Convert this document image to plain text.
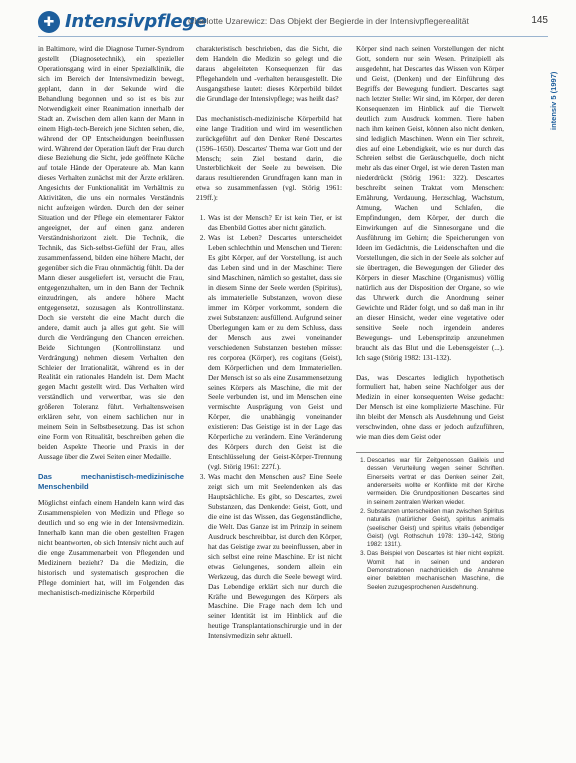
✚ Intensivpflege
Charlotte Uzarewicz: Das Objekt der Begierde in der Intensivpflegerealität	145
intensiv 5 (1997)

in Baltimore, wird die Diagnose Turner-Syndrom gestellt (Diagnosetechnik), ein spezieller Operationsgang wird in einer Spezialklinik, die sich im Bereich der Intensivmedizin bewegt, geplant, dann in der Sekunde wird die Behandlung begonnen und so ist es bis zur Notwendigkeit einer Reanimation innerhalb der Stadt an. Zwischen dem allen kann der Mann in einem High-tech-Bereich jene Sichten sehen, die, während der OP Entscheidungen beeinflussen wird. Während der Operation läuft der Frau durch diese Beziehung die Sicht, jede geöffnete Küche auf totale Hände der Operateure ab. Man kann dieses Verhalten zunächst mit der Ärzte erklären. Angesichts der Funktionalität im Verhältnis zu Aktivitäten, die uns ein normales Verständnis nicht aufzeigen würden. Durch den der seiner Situation und der Pflege ein elementarer Faktor angeeignet, der auf einen ganz anderen Verständnishorizont zielt. Die Technik, die Technik, das Sich-selbst-Gefühl der Frau, alles zusammenfassend, bilden eine höhere Macht, der gegenüber sich die Frau ohnmächtig fühlt. Da der Mann dieser ausgeliefert ist, versucht die Frau, entgegenzuhalten, um in den Bann der Technik einzudringen, als andere höhere Macht entgegensetzt, sozusagen als Kontrollinstanz. Doch sie versteht die eine Macht durch die andere, damit auch ja alles gut geht. Sie will durch die Verdrängung den Chancen erreichen. Beide Sichtungen (Kontrollinstanz und Verdrängung) nehmen diesem Verhalten den Schleier der Irrationalität, während es in der Realität ein rationales Handeln ist. Dem Macht gegen Macht gestellt wird. Das Verhalten wird verständlich und verwertbar, was sie den größeren Toleranz führt. Verhaltensweisen erklären sehr, von einem sachlichen nur in meinem Sein in Selbstbesetzung. Das ist schon eine Form von Ritualität, beschreiben gehen die beiden Aspekte Theorie und Praxis in der Aussage über die Zwei Seiten einer Medaille.

Das mechanistisch-medizinische Menschenbild

Möglichst einfach einem Handeln kann wird das Zusammenspielen von Medizin und Pflege so deutlich und so eng wie in der Intensivmedizin. Innerhalb kann man die oben gestellten Fragen nicht beantworten, ob sich Intensiv nicht auch auf die enge Zusammenarbeit von Pflegenden und Medizinern bezieht? Da die Medizin, die historisch und systematisch gesprochen die Pflege dominiert hat, will im Folgenden das mechanistisch-medizinische Körperbild

charakteristisch beschrieben, das die Sicht, die dem Handeln die Medizin so gelegt und die daraus abgeleiteten Konsequenzen für das Pflegehandeln und -verhalten herausgestellt. Die Ausgangsthese lautet: dieses Körperbild bildet die Grundlage der Intensivpflege; was heißt das?

Das mechanistisch-medizinische Körperbild hat eine lange Tradition und wird im wesentlichen zurückgeführt auf den Denker René Descartes (1596–1650). Descartes' Thema war Gott und der Mensch; sein Ziel bestand darin, die Unsterblichkeit der Seele zu beweisen. Die daraus resultierenden Grundfragen kann man in etwa so zusammenfassen (vgl. Störig 1961: 219ff.):

1. Was ist der Mensch? Er ist kein Tier, er ist das Ebenbild Gottes aber nicht gänzlich.
2. Was ist Leben? Descartes unterscheidet Leben schlechthin und Menschen und Tieren: Es gibt Körper, auf der Vorstellung, ist auch das Leben sind und in der Maschine: Tiere sind Maschinen, nämlich so gestaltet, dass sie in diesem Sinne der Seele werden (Spiritus), als immaterielle Substanzen, wovon diese immer im Körper vorkommt, sondern die zwei Substanzen: ausfüllend. Aufgrund seiner Überlegungen kam er zu dem Schluss, dass der Mensch aus zwei voneinander verschiedenen Substanzen bestehen müsse: res corporea (Körper), res cogitans (Geist), dem Körperlichen und dem Immateriellen. Der Mensch ist so als eine Zusammensetzung seines Körpers als Maschine, die mit der Seele verbunden ist, und im Menschen eine vermischte Ausprägung von Geist und Körper, die unabhängig voneinander existieren: Das Geistige ist in der Lage das Körperliche zu verändern. Eine Veränderung des Körpers durch den Geist ist die Entschlüsselung der Geist-Körper-Trennung (vgl. Störig 1961: 227f.).
3. Was macht den Menschen aus? Eine Seele zeigt sich um mit Seelendenken als das Hauptsächliche. Es gibt, so Descartes, zwei Substanzen, das Denkende: Geist, Gott, und die eine ist das Wissen, das Gegenständliche, die Welt. Das Ganze ist im Prinzip in seinem Ausdruck beschreibbar, ist durch den Körper, hat das Geistige zwar zu beeinflussen, aber in sich selbst eine reine Maschine. Er ist nicht etwas Gelungenes, sondern allein ein Werkzeug, das durch die Seele bewegt wird. Das Lebendige erklärt sich nur durch die Kräfte und Bewegungen des Körpers als Maschine. Die Frage nach dem Ich und seiner Identität ist im Hinblick auf die heutige Transplantationschirurgie und in der Intensivmedizin sehr aktuell.

Körper sind nach seinen Vorstellungen der nicht Gott, sondern nur sein Wesen. Prinzipiell als ausgedehnt, hat Descartes das Wissen von Körper und Geist, (Denken) und der Einführung des Begriffs der Bewegung fundiert. Descartes sagt nach letzter Stelle: Wir sind, im Körper, der deren Konsequenzen im Hinblick auf die Tierwelt deutlich zum Ausdruck kommen. Tiere haben nach ihm keinen Geist, können also nicht denken, sind lediglich Maschinen. Wenn ein Tier schreit, dies auf eine Lebendigkeit, wie es nur durch das Schreien selbst die Geräuschquelle, doch nicht mehr als das einer Orgel, ist wie deren Tasten man niederdrückt (Störig 1961: 322). Descartes beschreibt seinen Traktat vom Menschen: Ernährung, Verdauung, Herzschlag, Wachstum, Atmung, Wachen und Schlafen, die Empfindungen, dem Körper, der durch die Einwirkungen auf die Sinnesorgane und die Ausführung im Gehirn; die Speicherungen von Ideen im Gedächtnis, die Leidenschaften und die Vorstellungen, die sich in der Seele als solcher auf sie übertragen, die Bewegungen der Glieder des Körpers in dieser Maschine (Organismus) völlig natürlich aus der Disposition der Organe, so wie das Uhrwerk durch die Anordnung seiner Gewichte und Räder folgt, und so daß man in ihr an dieser Hinsicht, weder eine vegetative oder sensitive Seele noch irgendein anderes Bewegungs- und Lebensprinzip anzunehmen braucht als das Blut und die Lebensgeister (...). Ich sage (Störig 1982: 131-132).

Das, was Descartes lediglich hypothetisch formuliert hat, haben seine Nachfolger aus der Medizin in einer konsequenten Weise gedacht: Der Mensch ist eine komplizierte Maschine. Für ihn bleibt der Mensch als Ausdehnung und Geist verschwinden, ohne dass er jedoch aufzuführen, wie man dies dem Geist oder

1. Descartes war für Zeitgenossen Galileis und dessen Verurteilung wegen seiner Schriften. Einerseits vertrat er das Denken seiner Zeit, andererseits wollte er Konflikte mit der Kirche vermeiden. Die Grundpositionen Descartes sind in seinem zentralen Werken wieder.
2. Substanzen unterscheiden man zwischen Spiritus naturalis (natürlicher Geist), spiritus animalis (seelischer Geist) und spiritus vitalis (lebendiger Geist) (vgl. Rothschuh 1978: 139–142, Störig 1982: 131f.).
3. Das Beispiel von Descartes ist hier nicht explizit. Womit hat in seinen und anderen Demonstrationen nachdrücklich die Annahme einer belebten mechanischen Maschine, die Seelen zuzugesprochenen Ausdehnung.
